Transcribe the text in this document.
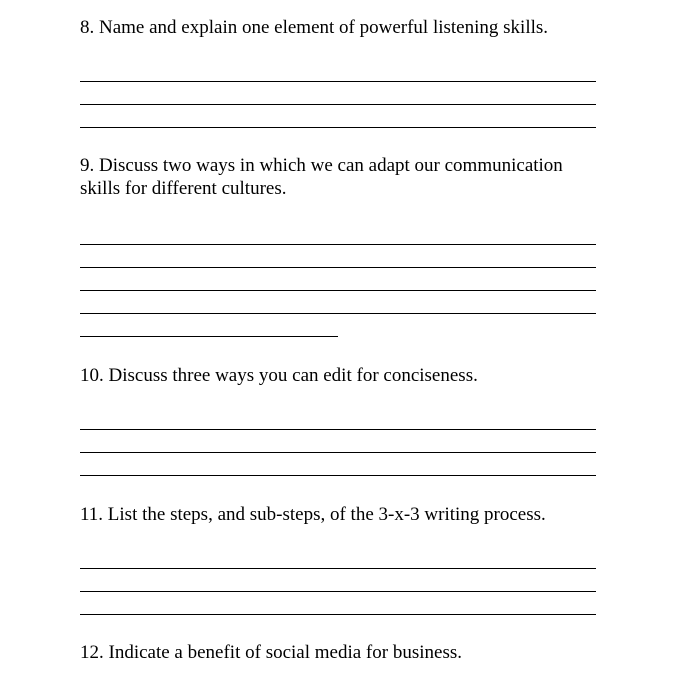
8. Name and explain one element of powerful listening skills.

9. Discuss two ways in which we can adapt our communication
skills for different cultures.

10. Discuss three ways you can edit for conciseness.

11. List the steps, and sub-steps, of the 3-x-3 writing process.

12. Indicate a benefit of social media for business.
